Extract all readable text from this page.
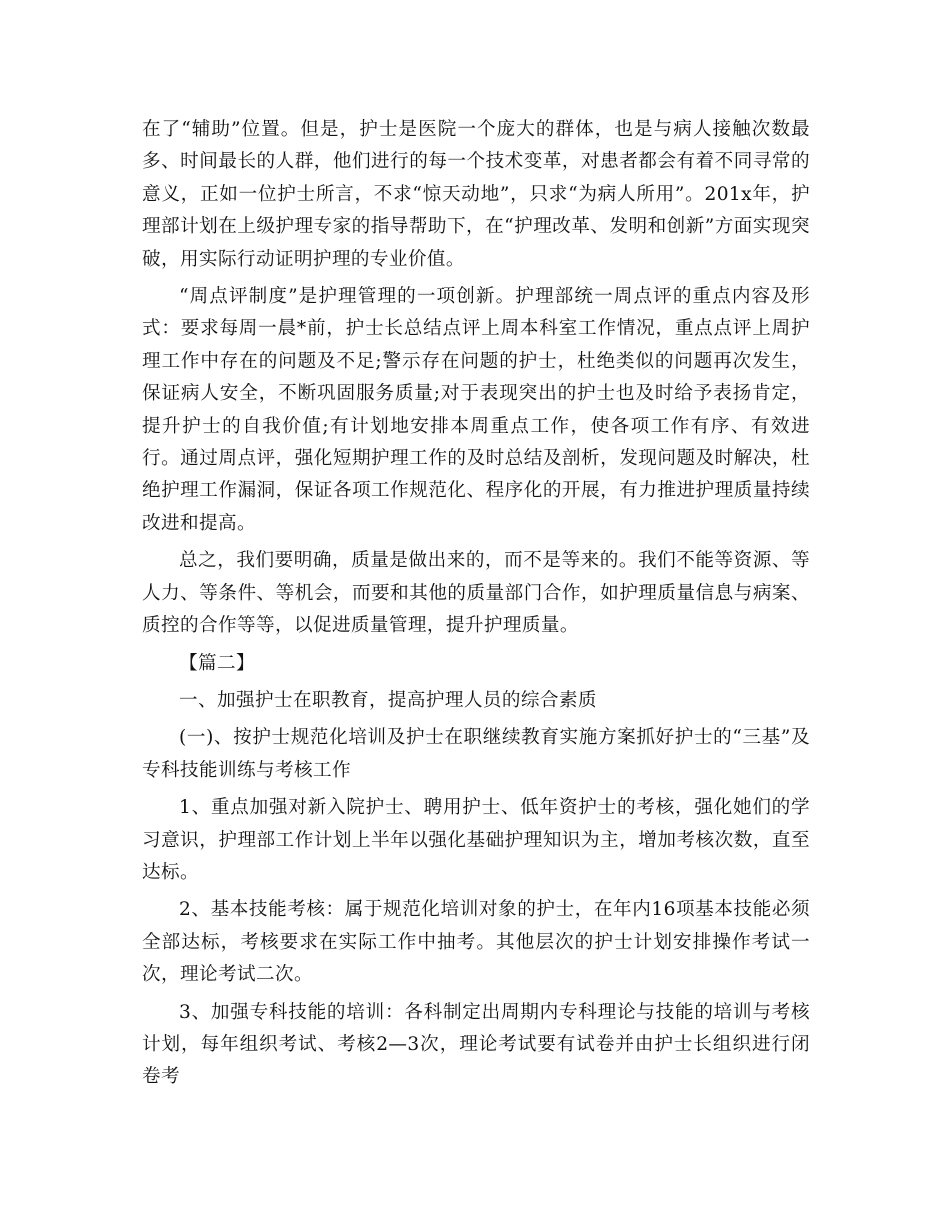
在了“辅助”位置。但是，护士是医院一个庞大的群体，也是与病人接触次数最多、时间最长的人群，他们进行的每一个技术变革，对患者都会有着不同寻常的意义，正如一位护士所言，不求“惊天动地”，只求“为病人所用”。201x年，护理部计划在上级护理专家的指导帮助下，在“护理改革、发明和创新”方面实现突破，用实际行动证明护理的专业价值。

“周点评制度”是护理管理的一项创新。护理部统一周点评的重点内容及形式：要求每周一晨*前，护士长总结点评上周本科室工作情况，重点点评上周护理工作中存在的问题及不足;警示存在问题的护士，杜绝类似的问题再次发生，保证病人安全，不断巩固服务质量;对于表现突出的护士也及时给予表扬肯定，提升护士的自我价值;有计划地安排本周重点工作，使各项工作有序、有效进行。通过周点评，强化短期护理工作的及时总结及剖析，发现问题及时解决，杜绝护理工作漏洞，保证各项工作规范化、程序化的开展，有力推进护理质量持续改进和提高。

总之，我们要明确，质量是做出来的，而不是等来的。我们不能等资源、等人力、等条件、等机会，而要和其他的质量部门合作，如护理质量信息与病案、质控的合作等等，以促进质量管理，提升护理质量。

【篇二】

一、加强护士在职教育，提高护理人员的综合素质

(一)、按护士规范化培训及护士在职继续教育实施方案抓好护士的“三基”及专科技能训练与考核工作

1、重点加强对新入院护士、聘用护士、低年资护士的考核，强化她们的学习意识，护理部工作计划上半年以强化基础护理知识为主，增加考核次数，直至达标。

2、基本技能考核：属于规范化培训对象的护士，在年内16项基本技能必须全部达标，考核要求在实际工作中抽考。其他层次的护士计划安排操作考试一次，理论考试二次。

3、加强专科技能的培训：各科制定出周期内专科理论与技能的培训与考核计划，每年组织考试、考核2—3次，理论考试要有试卷并由护士长组织进行闭卷考
